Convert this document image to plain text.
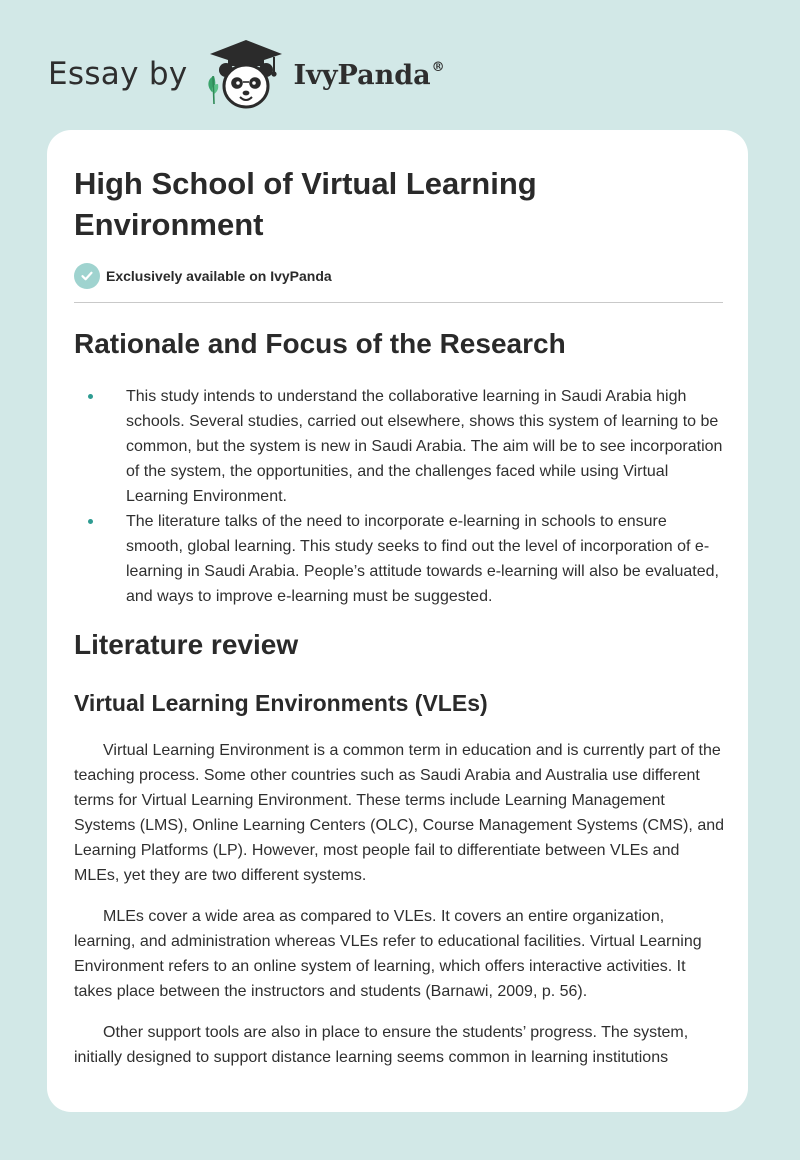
Essay by	IvyPanda®
High School of Virtual Learning Environment
Exclusively available on IvyPanda
Rationale and Focus of the Research
This study intends to understand the collaborative learning in Saudi Arabia high schools. Several studies, carried out elsewhere, shows this system of learning to be common, but the system is new in Saudi Arabia. The aim will be to see incorporation of the system, the opportunities, and the challenges faced while using Virtual Learning Environment.
The literature talks of the need to incorporate e-learning in schools to ensure smooth, global learning. This study seeks to find out the level of incorporation of e-learning in Saudi Arabia. People’s attitude towards e-learning will also be evaluated, and ways to improve e-learning must be suggested.
Literature review
Virtual Learning Environments (VLEs)

Virtual Learning Environment is a common term in education and is currently part of the teaching process. Some other countries such as Saudi Arabia and Australia use different terms for Virtual Learning Environment. These terms include Learning Management Systems (LMS), Online Learning Centers (OLC), Course Management Systems (CMS), and Learning Platforms (LP). However, most people fail to differentiate between VLEs and MLEs, yet they are two different systems.

MLEs cover a wide area as compared to VLEs. It covers an entire organization, learning, and administration whereas VLEs refer to educational facilities. Virtual Learning Environment refers to an online system of learning, which offers interactive activities. It takes place between the instructors and students (Barnawi, 2009, p. 56).

Other support tools are also in place to ensure the students’ progress. The system, initially designed to support distance learning seems common in learning institutions
